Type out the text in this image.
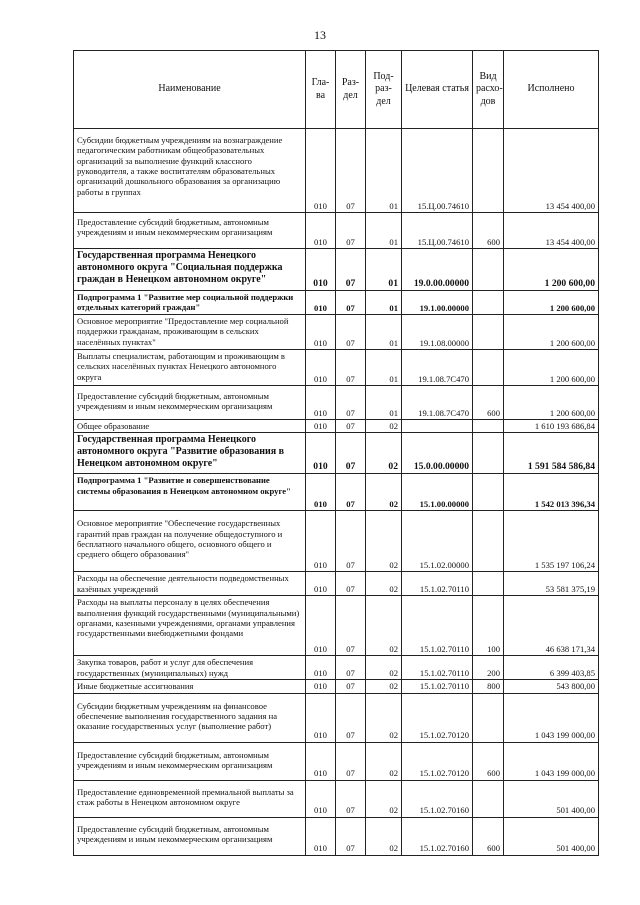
13
Наименование	Гла-ва	Раз-дел	Под-раз-дел	Целевая статья	Вид расхо-дов	Исполнено
Субсидии бюджетным учреждениям на вознаграждение педагогическим работникам общеобразовательных организаций за выполнение функций классного руководителя, а также воспитателям образовательных организаций дошкольного образования за организацию работы в группах	010	07	01	15.Ц.00.74610		13 454 400,00
Предоставление субсидий бюджетным, автономным учреждениям и иным некоммерческим организациям	010	07	01	15.Ц.00.74610	600	13 454 400,00
Государственная программа Ненецкого автономного округа "Социальная поддержка граждан в Ненецком автономном округе"	010	07	01	19.0.00.00000		1 200 600,00
Подпрограмма 1 "Развитие мер социальной поддержки отдельных категорий граждан"	010	07	01	19.1.00.00000		1 200 600,00
Основное мероприятие "Предоставление мер социальной поддержки гражданам, проживающим в сельских населённых пунктах"	010	07	01	19.1.08.00000		1 200 600,00
Выплаты специалистам, работающим и проживающим в сельских населённых пунктах Ненецкого автономного округа	010	07	01	19.1.08.7С470		1 200 600,00
Предоставление субсидий бюджетным, автономным учреждениям и иным некоммерческим организациям	010	07	01	19.1.08.7С470	600	1 200 600,00
Общее образование	010	07	02			1 610 193 686,84
Государственная программа Ненецкого автономного округа "Развитие образования в Ненецком автономном округе"	010	07	02	15.0.00.00000		1 591 584 586,84
Подпрограмма 1 "Развитие и совершенствование системы образования в Ненецком автономном округе"	010	07	02	15.1.00.00000		1 542 013 396,34
Основное мероприятие "Обеспечение государственных гарантий прав граждан на получение общедоступного и бесплатного начального общего, основного общего и среднего общего образования"	010	07	02	15.1.02.00000		1 535 197 106,24
Расходы на обеспечение деятельности подведомственных казённых учреждений	010	07	02	15.1.02.70110		53 581 375,19
Расходы на выплаты персоналу в целях обеспечения выполнения функций государственными (муниципальными) органами, казенными учреждениями, органами управления государственными внебюджетными фондами	010	07	02	15.1.02.70110	100	46 638 171,34
Закупка товаров, работ и услуг для обеспечения государственных (муниципальных) нужд	010	07	02	15.1.02.70110	200	6 399 403,85
Иные бюджетные ассигнования	010	07	02	15.1.02.70110	800	543 800,00
Субсидии бюджетным учреждениям на финансовое обеспечение выполнения государственного задания на оказание государственных услуг (выполнение работ)	010	07	02	15.1.02.70120		1 043 199 000,00
Предоставление субсидий бюджетным, автономным учреждениям и иным некоммерческим организациям	010	07	02	15.1.02.70120	600	1 043 199 000,00
Предоставление единовременной премиальной выплаты за стаж работы в Ненецком автономном округе	010	07	02	15.1.02.70160		501 400,00
Предоставление субсидий бюджетным, автономным учреждениям и иным некоммерческим организациям	010	07	02	15.1.02.70160	600	501 400,00
